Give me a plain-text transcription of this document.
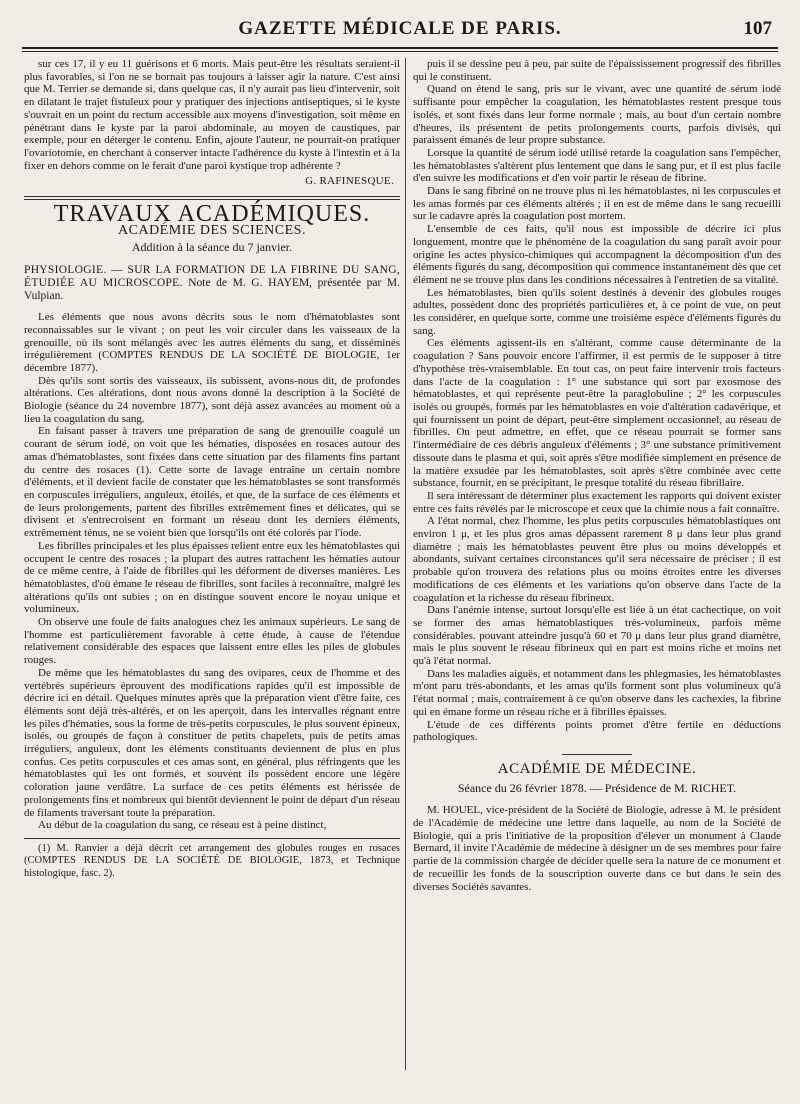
GAZETTE MÉDICALE DE PARIS.	107

sur ces 17, il y eu 11 guérisons et 6 morts. Mais peut-être les résultats seraient-il plus favorables, si l'on ne se bornait pas toujours à laisser agir la nature. C'est ainsi que M. Terrier se demande si, dans quelque cas, il n'y aurait pas lieu d'intervenir, soit en dilatant le trajet fistuleux pour y pratiquer des injections antiseptiques, si le kyste s'ouvrait en un point du rectum accessible aux moyens d'investigation, soit même en pénétrant dans le kyste par la paroi abdominale, au moyen de caustiques, par exemple, pour en déterger le contenu. Enfin, ajoute l'auteur, ne pourrait-on pratiquer l'ovariotomie, en cherchant à conserver intacte l'adhérence du kyste à l'intestin et à la fixer en dehors comme on le ferait d'une paroi kystique trop adhérente ?

G. RAFINESQUE.

TRAVAUX ACADÉMIQUES.
ACADÉMIE DES SCIENCES.

Addition à la séance du 7 janvier.

PHYSIOLOGIE. — SUR LA FORMATION DE LA FIBRINE DU SANG, ÉTUDIÉE AU MICROSCOPE. Note de M. G. HAYEM, présentée par M. Vulpian.

Les éléments que nous avons décrits sous le nom d'hématoblastes sont reconnaissables sur le vivant ; on peut les voir circuler dans les vaisseaux de la grenouille, où ils sont mélangés avec les autres éléments du sang, et disséminés irrégulièrement (COMPTES RENDUS DE LA SOCIÉTÉ DE BIOLOGIE, 1er décembre 1877).

Dès qu'ils sont sortis des vaisseaux, ils subissent, avons-nous dit, de profondes altérations. Ces altérations, dont nous avons donné la description à la Société de Biologie (séance du 24 novembre 1877), sont déjà assez avancées au moment où a lieu la coagulation du sang.

En faisant passer à travers une préparation de sang de grenouille coagulé un courant de sérum iodé, on voit que les hématies, disposées en rosaces autour des amas d'hématoblastes, sont fixées dans cette situation par des filaments fins partant du centre des rosaces (1). Cette sorte de lavage entraîne un certain nombre d'éléments, et il devient facile de constater que les hématoblastes se sont transformés en corpuscules irréguliers, anguleux, étoilés, et que, de la surface de ces éléments et de leurs prolongements, partent des fibrilles extrêmement fines et délicates, qui se divisent et s'entrecroisent en formant un réseau dont les derniers éléments, extrêmement ténus, ne se voient bien que lorsqu'ils ont été colorés par l'iode.

Les fibrilles principales et les plus épaisses relient entre eux les hématoblastes qui occupent le centre des rosaces ; la plupart des autres rattachent les hématies autour de ce même centre, à l'aide de fibrilles qui les déforment de diverses manières. Les hématoblastes, d'où émane le réseau de fibrilles, sont faciles à reconnaître, malgré les altérations qu'ils ont subies ; on en distingue souvent encore le noyau unique et volumineux.

On observe une foule de faits analogues chez les animaux supérieurs. Le sang de l'homme est particulièrement favorable à cette étude, à cause de l'étendue relativement considérable des espaces que laissent entre elles les piles de globules rouges.

De même que les hématoblastes du sang des ovipares, ceux de l'homme et des vertébrés supérieurs éprouvent des modifications rapides qu'il est impossible de décrire ici en détail. Quelques minutes après que la préparation vient d'être faite, ces éléments sont déjà très-altérés, et on les aperçoit, dans les intervalles régnant entre les piles d'hématies, sous la forme de très-petits corpuscules, le plus souvent épineux, isolés, ou groupés de façon à constituer de petits chapelets, puis de petits amas irréguliers, anguleux, dont les éléments constituants deviennent de plus en plus confus. Ces petits corpuscules et ces amas sont, en général, plus réfringents que les hématoblastes qui les ont formés, et souvent ils possèdent encore une légère coloration jaune verdâtre. La surface de ces petits éléments est hérissée de prolongements fins et nombreux qui bientôt deviennent le point de départ d'un réseau de filaments traversant toute la préparation.

Au début de la coagulation du sang, ce réseau est à peine distinct,

(1) M. Ranvier a déjà décrit cet arrangement des globules rouges en rosaces (COMPTES RENDUS DE LA SOCIÉTÉ DE BIOLOGIE, 1873, et Technique histologique, fasc. 2).

puis il se dessine peu à peu, par suite de l'épaississement progressif des fibrilles qui le constituent.

Quand on étend le sang, pris sur le vivant, avec une quantité de sérum iodé suffisante pour empêcher la coagulation, les hématoblastes restent presque tous isolés, et sont fixés dans leur forme normale ; mais, au bout d'un certain nombre d'heures, ils présentent de petits prolongements courts, parfois divisés, qui paraissent émanés de leur propre substance.

Lorsque la quantité de sérum iodé utilisé retarde la coagulation sans l'empêcher, les hématoblastes s'altèrent plus lentement que dans le sang pur, et il est plus facile d'en suivre les modifications et d'en voir partir le réseau de fibrine.

Dans le sang fibriné on ne trouve plus ni les hématoblastes, ni les corpuscules et les amas formés par ces éléments altérés ; il en est de même dans le sang recueilli sur le cadavre après la coagulation post mortem.

L'ensemble de ces faits, qu'il nous est impossible de décrire ici plus longuement, montre que le phénomène de la coagulation du sang paraît avoir pour origine les actes physico-chimiques qui accompagnent la décomposition d'un des éléments figurés du sang, décomposition qui commence instantanément dès que cet élément ne se trouve plus dans les conditions nécessaires à l'entretien de sa vitalité.

Les hématoblastes, bien qu'ils soient destinés à devenir des globules rouges adultes, possèdent donc des propriétés particulières et, à ce point de vue, on peut les considérer, en quelque sorte, comme une troisième espèce d'éléments figurés du sang.

Ces éléments agissent-ils en s'altérant, comme cause déterminante de la coagulation ? Sans pouvoir encore l'affirmer, il est permis de le supposer à titre d'hypothèse très-vraisemblable. En tout cas, on peut faire intervenir trois facteurs dans l'acte de la coagulation : 1° une substance qui sort par exosmose des hématoblastes, et qui représente peut-être la paraglobuline ; 2° les corpuscules isolés ou groupés, formés par les hématoblastes en voie d'altération cadavérique, et qui fournissent un point de départ, peut-être simplement occasionnel, au réseau de fibrilles. On peut admettre, en effet, que ce réseau pourrait se former sans l'intermédiaire de ces débris anguleux d'éléments ; 3° une substance primitivement dissoute dans le plasma et qui, soit après s'être modifiée simplement en présence de la matière exsudée par les hématoblastes, soit après s'être combinée avec cette substance, fournit, en se précipitant, le presque totalité du réseau fibrillaire.

Il sera intéressant de déterminer plus exactement les rapports qui doivent exister entre ces faits révélés par le microscope et ceux que la chimie nous a fait connaître.

A l'état normal, chez l'homme, les plus petits corpuscules hématoblastiques ont environ 1 μ, et les plus gros amas dépassent rarement 8 μ dans leur plus grand diamètre ; mais les hématoblastes peuvent être plus ou moins développés et abondants, suivant certaines circonstances qu'il sera nécessaire de préciser ; il est probable qu'on trouvera des relations plus ou moins étroites entre les diverses modifications de ces éléments et les variations qu'on observe dans l'acte de la coagulation et la richesse du réseau fibrineux.

Dans l'anémie intense, surtout lorsqu'elle est liée à un état cachectique, on voit se former des amas hématoblastiques très-volumineux, parfois même considérables. pouvant atteindre jusqu'à 60 et 70 μ dans leur plus grand diamètre, mais le plus souvent le réseau fibrineux qui en part est moins riche et moins net qu'à l'état normal.

Dans les maladies aiguës, et notamment dans les phlegmasies, les hématoblastes m'ont paru très-abondants, et les amas qu'ils forment sont plus volumineux qu'à l'état normal ; mais, contrairement à ce qu'on observe dans les cachexies, la fibrine qui en émane forme un réseau riche et à fibrilles épaisses.

L'étude de ces différents points promet d'être fertile en déductions pathologiques.

ACADÉMIE DE MÉDECINE.

Séance du 26 février 1878. — Présidence de M. RICHET.

M. HOUEL, vice-président de la Société de Biologie, adresse à M. le président de l'Académie de médecine une lettre dans laquelle, au nom de la Société de Biologie, qui a pris l'initiative de la proposition d'élever un monument à Claude Bernard, il invite l'Académie de médecine à désigner un de ses membres pour faire partie de la commission chargée de décider quelle sera la nature de ce monument et de recueillir les fonds de la souscription ouverte dans ce but dans le sein des diverses Sociétés savantes.
